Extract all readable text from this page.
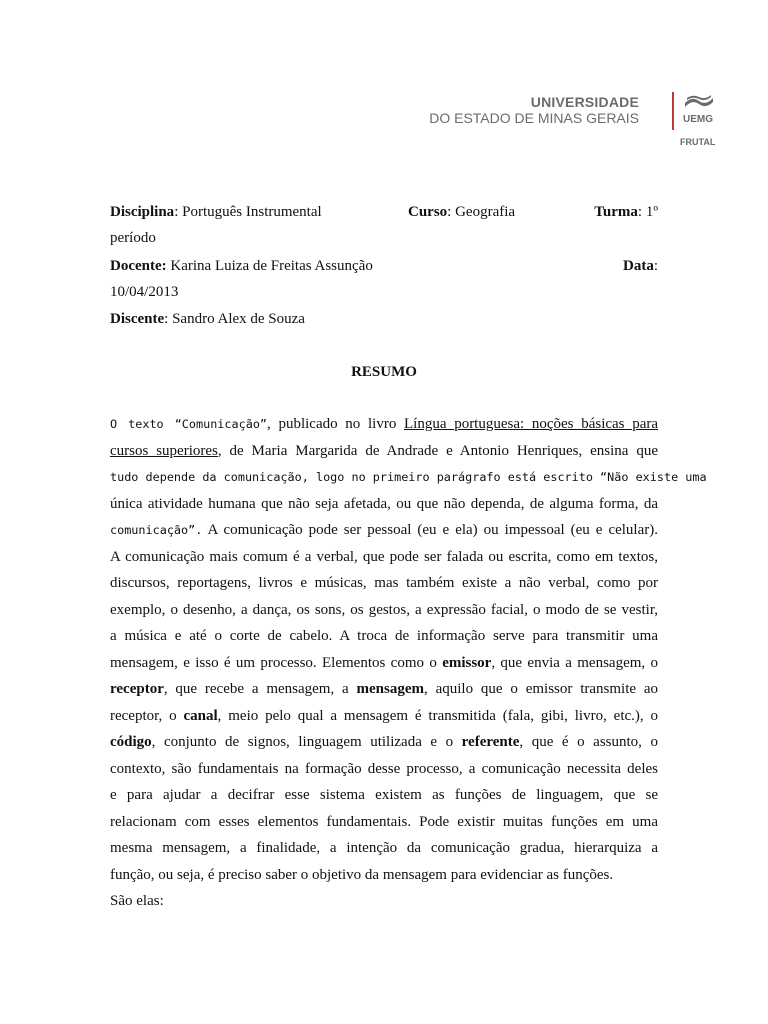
UNIVERSIDADE
DO ESTADO DE MINAS GERAIS	UEMG
FRUTAL
Disciplina: Português Instrumental	Curso: Geografia	Turma: 1º
período
Docente: Karina Luiza de Freitas Assunção	Data:
10/04/2013
Discente: Sandro Alex de Souza
RESUMO
O texto “Comunicação”, publicado no livro Língua portuguesa: noções básicas para
cursos superiores, de Maria Margarida de Andrade e Antonio Henriques, ensina que
tudo depende da comunicação, logo no primeiro parágrafo está escrito “Não existe uma
única atividade humana que não seja afetada, ou que não dependa, de alguma forma, da
comunicação”. A comunicação pode ser pessoal (eu e ela) ou impessoal (eu e celular).
A comunicação mais comum é a verbal, que pode ser falada ou escrita, como em textos,
discursos, reportagens, livros e músicas, mas também existe a não verbal, como por
exemplo, o desenho, a dança, os sons, os gestos, a expressão facial, o modo de se vestir,
a música e até o corte de cabelo. A troca de informação serve para transmitir uma
mensagem, e isso é um processo. Elementos como o emissor, que envia a mensagem, o
receptor, que recebe a mensagem, a mensagem, aquilo que o emissor transmite ao
receptor, o canal, meio pelo qual a mensagem é transmitida (fala, gibi, livro, etc.), o
código, conjunto de signos, linguagem utilizada e o referente, que é o assunto, o
contexto, são fundamentais na formação desse processo, a comunicação necessita deles
e para ajudar a decifrar esse sistema existem as funções de linguagem, que se
relacionam com esses elementos fundamentais. Pode existir muitas funções em uma
mesma mensagem, a finalidade, a intenção da comunicação gradua, hierarquiza a
função, ou seja, é preciso saber o objetivo da mensagem para evidenciar as funções.
São elas:
